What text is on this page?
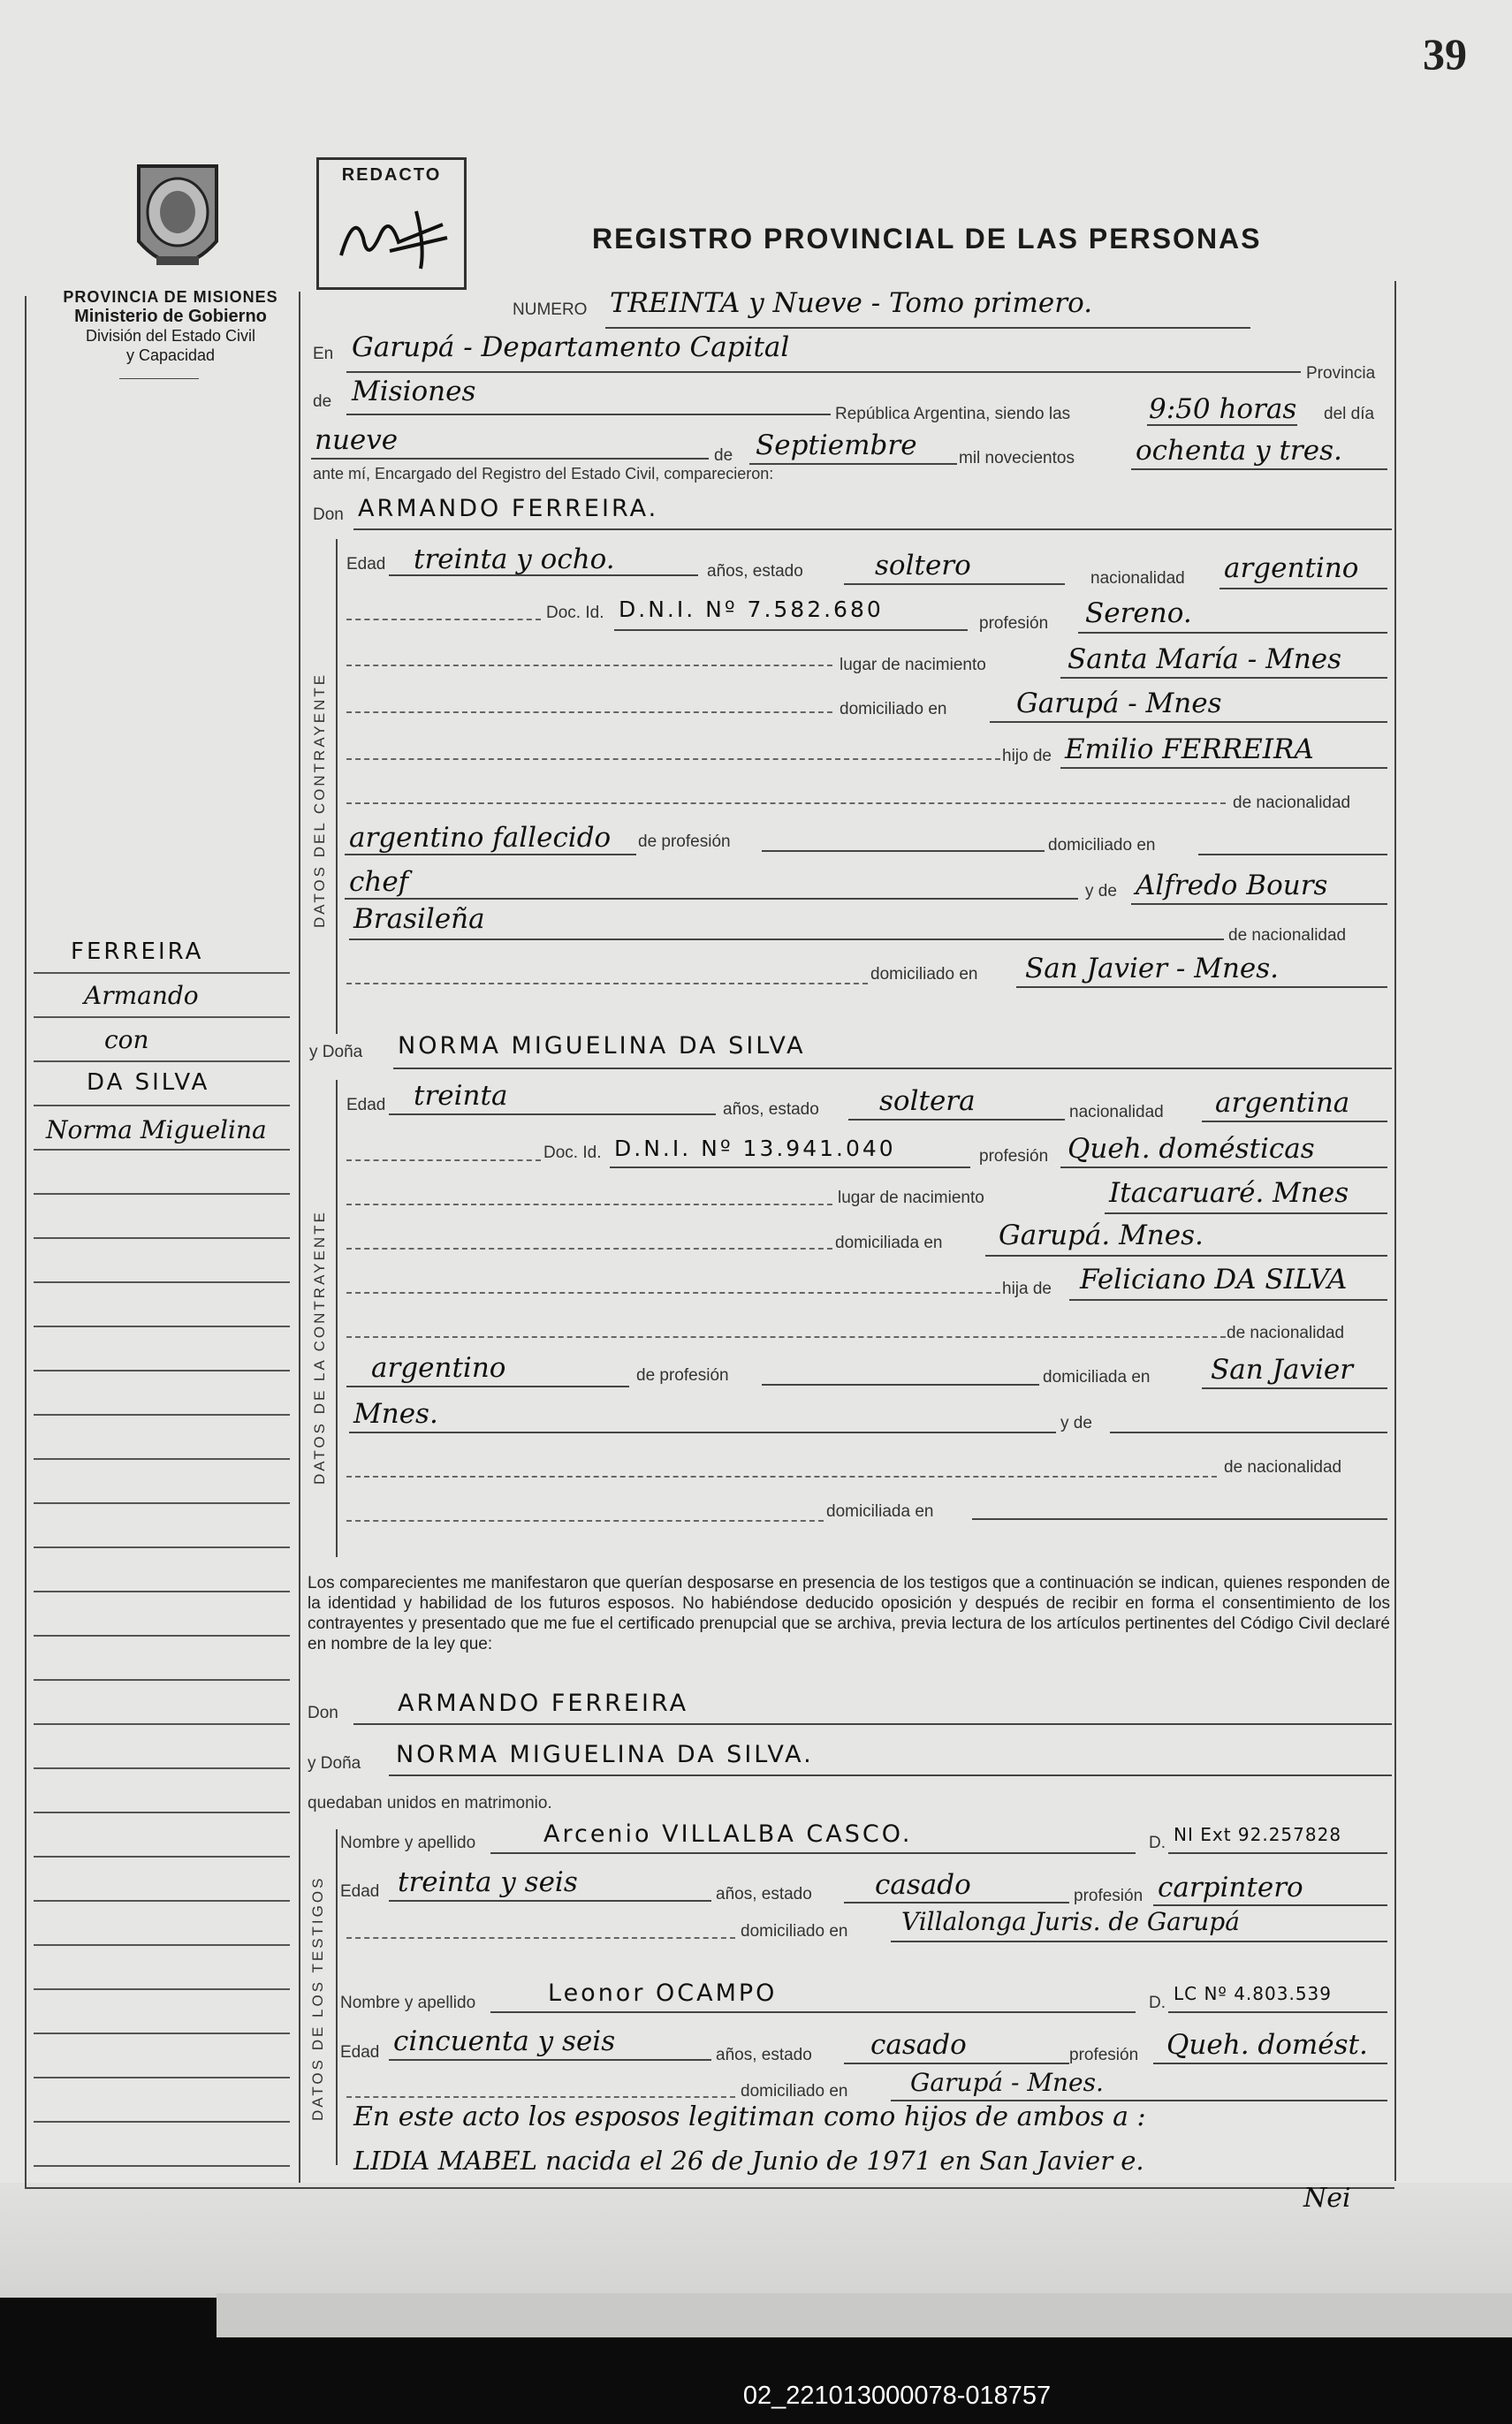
39
PROVINCIA DE MISIONES
Ministerio de Gobierno
División del Estado Civil
y Capacidad
REDACTO
REGISTRO PROVINCIAL DE LAS PERSONAS
FERREIRA
Armando
con
DA SILVA
Norma Miguelina
NUMERO TREINTA y Nueve - Tomo primero.
En Garupá - Departamento Capital
Provincia
de Misiones
República Argentina, siendo las	9:50 horas del día
nueve	de Septiembre mil novecientos ochenta y tres.
ante mí, Encargado del Registro del Estado Civil, comparecieron:
Don ARMANDO FERREIRA.
DATOS DEL CONTRAYENTE
Edad treinta y ocho.	años, estado	soltero	nacionalidad argentino
Doc. Id. D.N.I. Nº 7.582.680
profesión Sereno.
lugar de nacimiento	Santa María - Mnes
domiciliado en	Garupá - Mnes
hijo de Emilio FERREIRA
de nacionalidad
argentino fallecido de profesión	domiciliado en
chef	y de Alfredo Bours
Brasileña
de nacionalidad
domiciliado en San Javier - Mnes.
y Doña NORMA MIGUELINA DA SILVA
DATOS DE LA CONTRAYENTE
Edad treinta	años, estado soltera	nacionalidad argentina
Doc. Id. D.N.I. Nº 13.941.040	profesión Queh. domésticas
lugar de nacimiento	Itacaruaré. Mnes
domiciliada en Garupá. Mnes.
hija de Feliciano DA SILVA
de nacionalidad
argentino	de profesión	domiciliada en San Javier
Mnes.	y de
de nacionalidad
domiciliada en
Los comparecientes me manifestaron que querían desposarse en presencia de los testigos que a continuación se indican, quienes responden de la identidad y habilidad de los futuros esposos. No habiéndose deducido oposición y después de recibir en forma el consentimiento de los contrayentes y presentado que me fue el certificado prenupcial que se archiva, previa lectura de los artículos pertinentes del Código Civil declaré en nombre de la ley que:
Don ARMANDO FERREIRA
y Doña NORMA MIGUELINA DA SILVA.
quedaban unidos en matrimonio.
DATOS DE LOS TESTIGOS
Nombre y apellido	Arcenio VILLALBA CASCO.	D. NI Ext 92.257828
Edad treinta y seis	años, estado casado	profesión carpintero
domiciliado en Villalonga Juris. de Garupá
Nombre y apellido	Leonor OCAMPO	D. LC Nº 4.803.539
Edad cincuenta y seis	años, estado casado	profesión Queh. domést.
domiciliado en	Garupá - Mnes.
En este acto los esposos legitiman como hijos de ambos a :
LIDIA MABEL nacida el 26 de Junio de 1971 en San Javier e.
Nei
02_221013000078-018757
